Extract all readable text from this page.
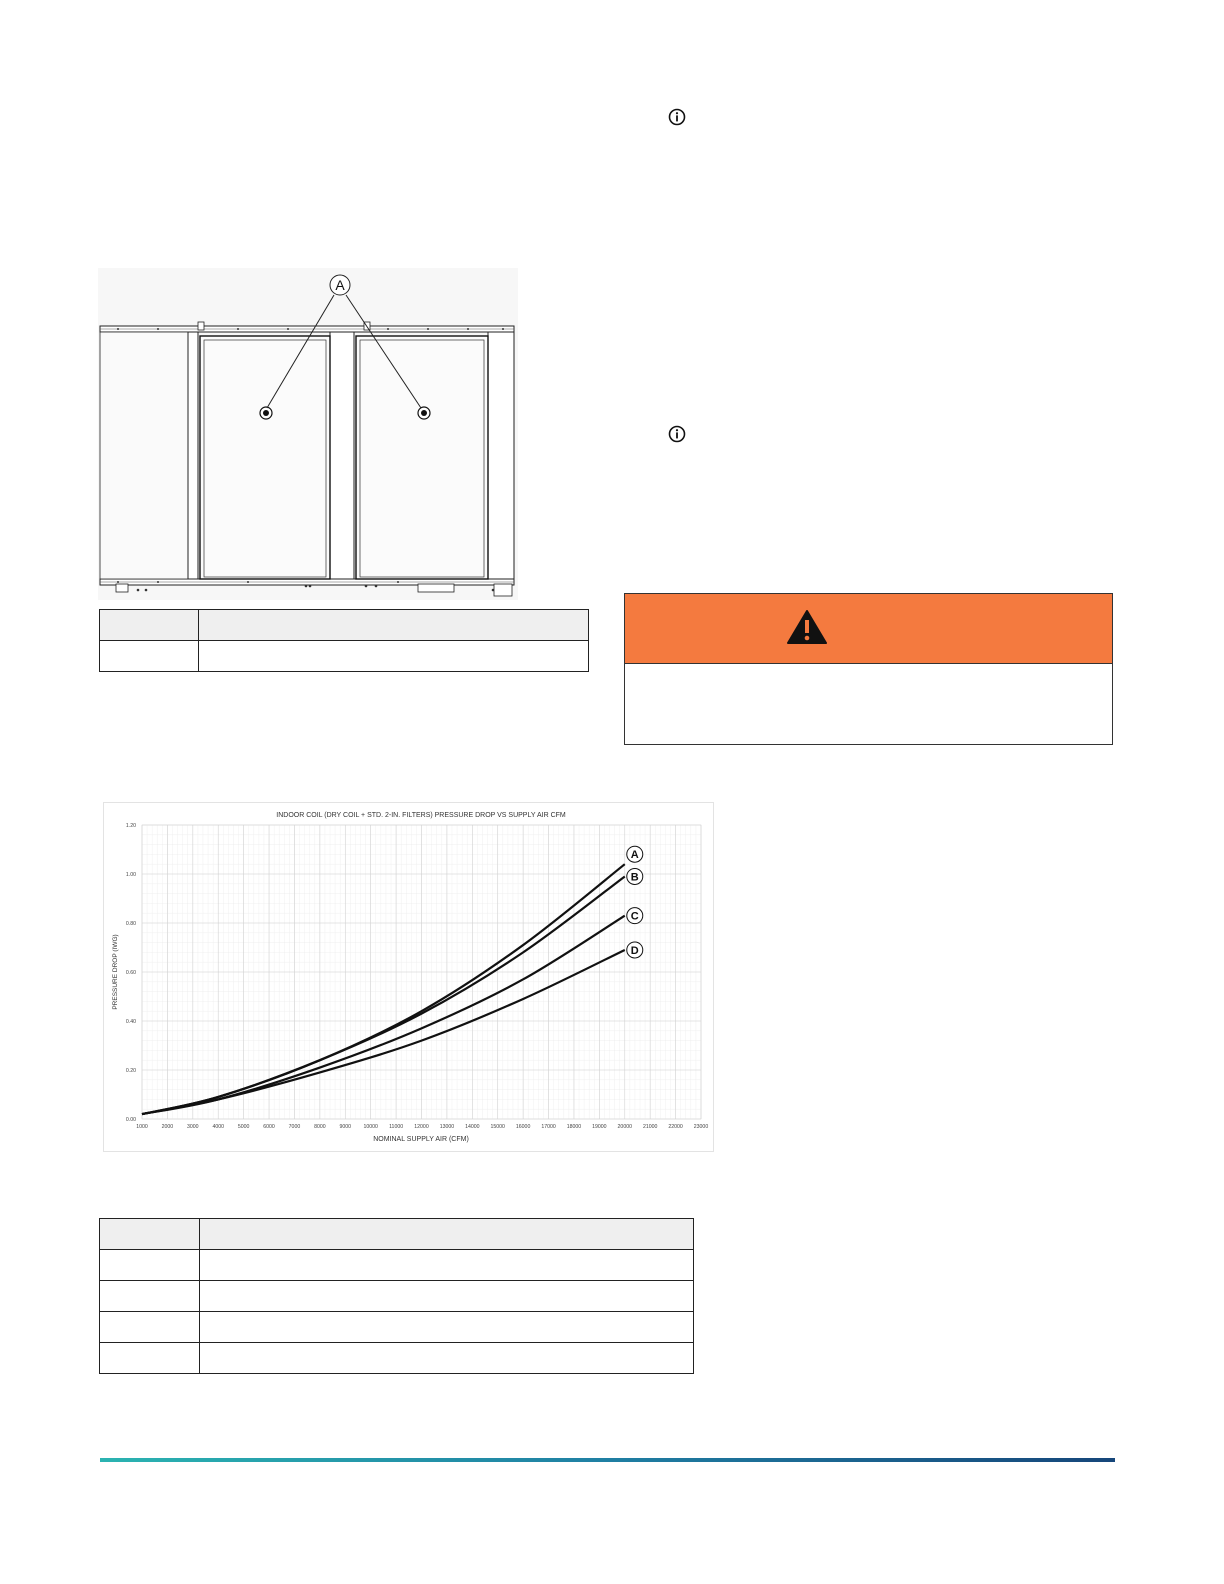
A

1000	2000	3000	4000	5000	6000	7000	8000	9000 10000 11000 12000 13000 14000 15000 16000 17000 18000 19000 20000 21000 22000 23000
0.00
0.20
0.40
0.60
0.80
1.00
1.20
A
B
C
D
INDOOR COIL (DRY COIL + STD. 2-IN. FILTERS) PRESSURE DROP VS SUPPLY AIR CFM
NOMINAL SUPPLY AIR (CFM)
PRESSURE DROP (IWG)
